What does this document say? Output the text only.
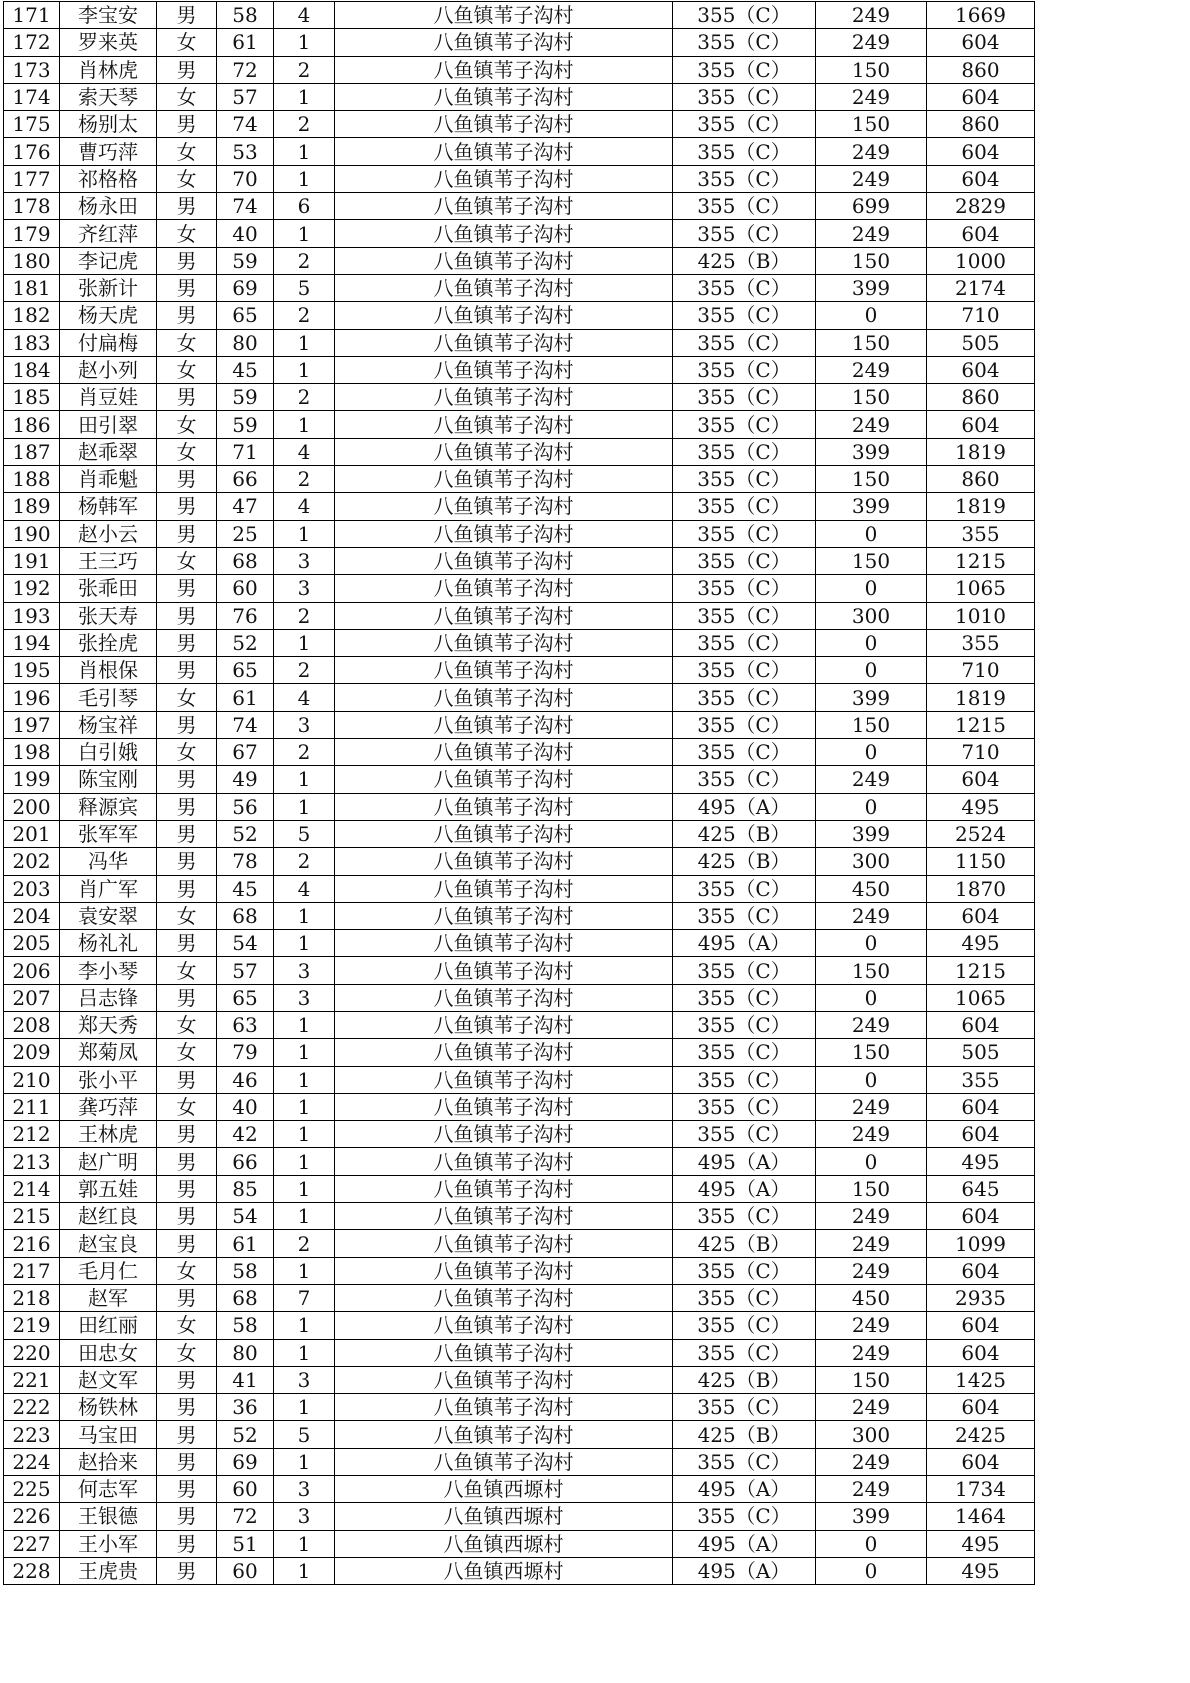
171	李宝安	男	58	4	八鱼镇苇子沟村	355（C）	249	1669
172	罗来英	女	61	1	八鱼镇苇子沟村	355（C）	249	604
173	肖林虎	男	72	2	八鱼镇苇子沟村	355（C）	150	860
174	索天琴	女	57	1	八鱼镇苇子沟村	355（C）	249	604
175	杨别太	男	74	2	八鱼镇苇子沟村	355（C）	150	860
176	曹巧萍	女	53	1	八鱼镇苇子沟村	355（C）	249	604
177	祁格格	女	70	1	八鱼镇苇子沟村	355（C）	249	604
178	杨永田	男	74	6	八鱼镇苇子沟村	355（C）	699	2829
179	齐红萍	女	40	1	八鱼镇苇子沟村	355（C）	249	604
180	李记虎	男	59	2	八鱼镇苇子沟村	425（B）	150	1000
181	张新计	男	69	5	八鱼镇苇子沟村	355（C）	399	2174
182	杨天虎	男	65	2	八鱼镇苇子沟村	355（C）	0	710
183	付扁梅	女	80	1	八鱼镇苇子沟村	355（C）	150	505
184	赵小列	女	45	1	八鱼镇苇子沟村	355（C）	249	604
185	肖豆娃	男	59	2	八鱼镇苇子沟村	355（C）	150	860
186	田引翠	女	59	1	八鱼镇苇子沟村	355（C）	249	604
187	赵乖翠	女	71	4	八鱼镇苇子沟村	355（C）	399	1819
188	肖乖魁	男	66	2	八鱼镇苇子沟村	355（C）	150	860
189	杨韩军	男	47	4	八鱼镇苇子沟村	355（C）	399	1819
190	赵小云	男	25	1	八鱼镇苇子沟村	355（C）	0	355
191	王三巧	女	68	3	八鱼镇苇子沟村	355（C）	150	1215
192	张乖田	男	60	3	八鱼镇苇子沟村	355（C）	0	1065
193	张天寿	男	76	2	八鱼镇苇子沟村	355（C）	300	1010
194	张拴虎	男	52	1	八鱼镇苇子沟村	355（C）	0	355
195	肖根保	男	65	2	八鱼镇苇子沟村	355（C）	0	710
196	毛引琴	女	61	4	八鱼镇苇子沟村	355（C）	399	1819
197	杨宝祥	男	74	3	八鱼镇苇子沟村	355（C）	150	1215
198	白引娥	女	67	2	八鱼镇苇子沟村	355（C）	0	710
199	陈宝刚	男	49	1	八鱼镇苇子沟村	355（C）	249	604
200	释源宾	男	56	1	八鱼镇苇子沟村	495（A）	0	495
201	张军军	男	52	5	八鱼镇苇子沟村	425（B）	399	2524
202	冯华	男	78	2	八鱼镇苇子沟村	425（B）	300	1150
203	肖广军	男	45	4	八鱼镇苇子沟村	355（C）	450	1870
204	袁安翠	女	68	1	八鱼镇苇子沟村	355（C）	249	604
205	杨礼礼	男	54	1	八鱼镇苇子沟村	495（A）	0	495
206	李小琴	女	57	3	八鱼镇苇子沟村	355（C）	150	1215
207	吕志锋	男	65	3	八鱼镇苇子沟村	355（C）	0	1065
208	郑天秀	女	63	1	八鱼镇苇子沟村	355（C）	249	604
209	郑菊凤	女	79	1	八鱼镇苇子沟村	355（C）	150	505
210	张小平	男	46	1	八鱼镇苇子沟村	355（C）	0	355
211	龚巧萍	女	40	1	八鱼镇苇子沟村	355（C）	249	604
212	王林虎	男	42	1	八鱼镇苇子沟村	355（C）	249	604
213	赵广明	男	66	1	八鱼镇苇子沟村	495（A）	0	495
214	郭五娃	男	85	1	八鱼镇苇子沟村	495（A）	150	645
215	赵红良	男	54	1	八鱼镇苇子沟村	355（C）	249	604
216	赵宝良	男	61	2	八鱼镇苇子沟村	425（B）	249	1099
217	毛月仁	女	58	1	八鱼镇苇子沟村	355（C）	249	604
218	赵军	男	68	7	八鱼镇苇子沟村	355（C）	450	2935
219	田红丽	女	58	1	八鱼镇苇子沟村	355（C）	249	604
220	田忠女	女	80	1	八鱼镇苇子沟村	355（C）	249	604
221	赵文军	男	41	3	八鱼镇苇子沟村	425（B）	150	1425
222	杨铁林	男	36	1	八鱼镇苇子沟村	355（C）	249	604
223	马宝田	男	52	5	八鱼镇苇子沟村	425（B）	300	2425
224	赵拾来	男	69	1	八鱼镇苇子沟村	355（C）	249	604
225	何志军	男	60	3	八鱼镇西塬村	495（A）	249	1734
226	王银德	男	72	3	八鱼镇西塬村	355（C）	399	1464
227	王小军	男	51	1	八鱼镇西塬村	495（A）	0	495
228	王虎贵	男	60	1	八鱼镇西塬村	495（A）	0	495
